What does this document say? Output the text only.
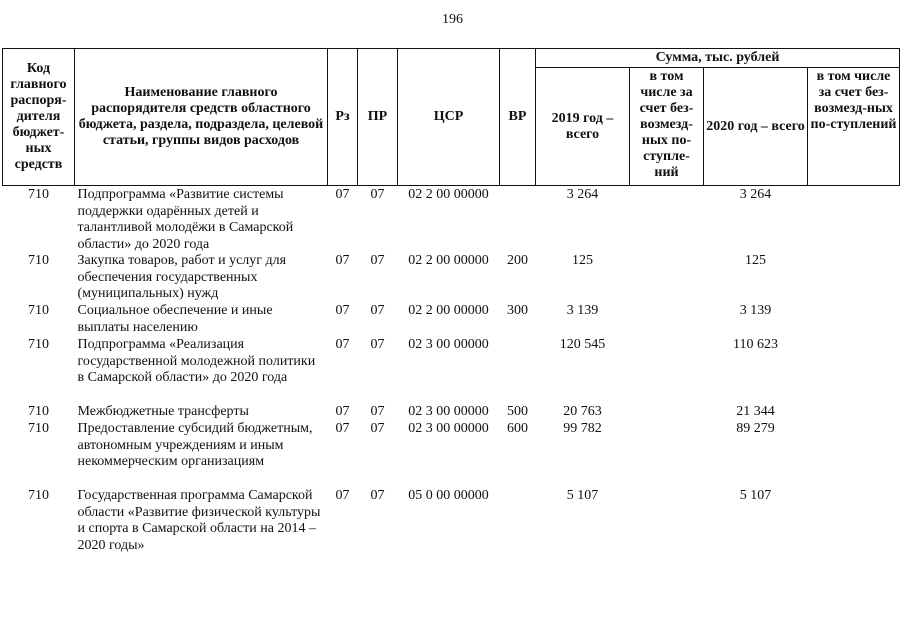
196
Код главного распоря-дителя бюджет-ных средств	Наименование главного распорядителя средств областного бюджета, раздела, подраздела, целевой статьи, группы видов расходов	Рз	ПР	ЦСР	ВР	Сумма, тыс. рублей			
						2019 год – всего	в том числе за счет без-возмезд-ных по-ступле-ний	2020 год – всего	в том числе за счет без-возмезд-ных по-ступлений
710	Подпрограмма «Развитие системы поддержки одарённых детей и талантливой молодёжи в Самарской области» до 2020 года	07	07	02 2 00 00000		3 264		3 264	
710	Закупка товаров, работ и услуг для обеспечения государственных (муниципальных) нужд	07	07	02 2 00 00000	200	125		125	
710	Социальное обеспечение и иные выплаты населению	07	07	02 2 00 00000	300	3 139		3 139	
710	Подпрограмма «Реализация государственной молодежной политики в Самарской области» до 2020 года	07	07	02 3 00 00000		120 545		110 623	
710	Межбюджетные трансферты	07	07	02 3 00 00000	500	20 763		21 344	
710	Предоставление субсидий бюджетным, автономным учреждениям и иным некоммерческим организациям	07	07	02 3 00 00000	600	99 782		89 279	
710	Государственная программа Самарской области «Развитие физической культуры и спорта в Самарской области на 2014 – 2020 годы»	07	07	05 0 00 00000		5 107		5 107	
